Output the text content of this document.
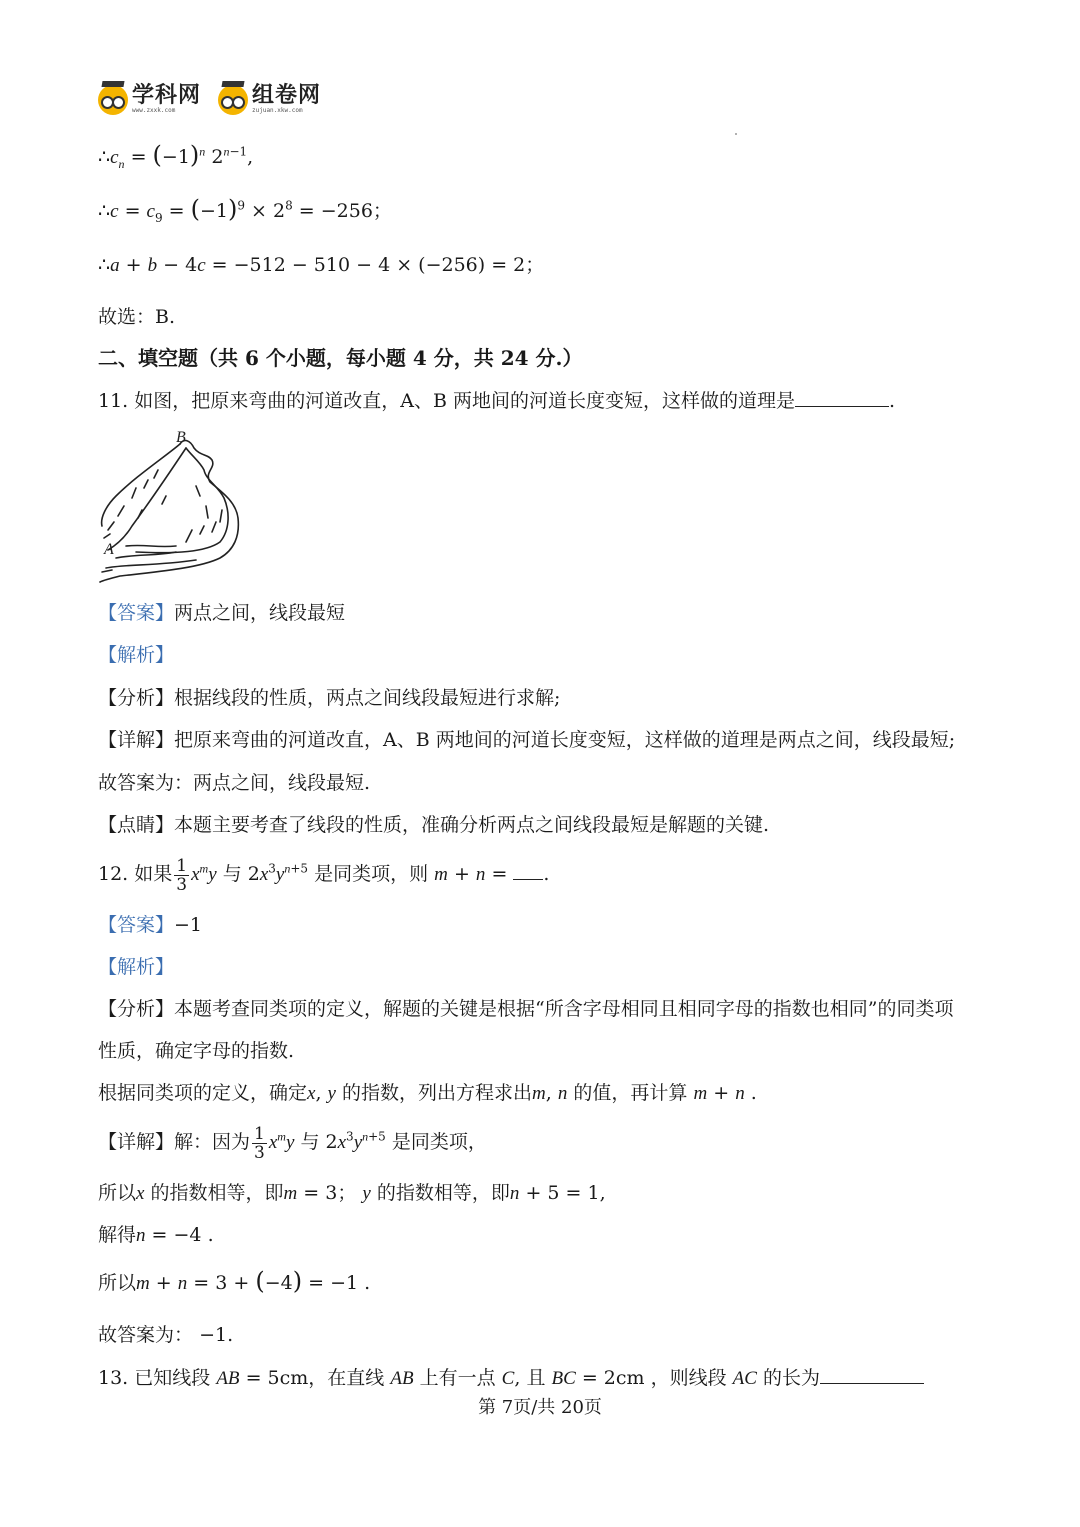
学科网
www.zxxk.com
组卷网
zujuan.xkw.com
$\therefore c_n = (-1)^n$ $2^{n-1}$,
∴c = $c_9 = (-1)^9 \times 2^8 = -256$；
∴a + b − 4c = −512 − 510 − 4 × (−256) = 2；
故选：B.
二、填空题（共 6 个小题，每小题 4 分，共 24 分.）
11. 如图，把原来弯曲的河道改直，A、B 两地间的河道长度变短，这样做的道理是	.
B
A
【答案】两点之间，线段最短
【解析】
【分析】根据线段的性质，两点之间线段最短进行求解;
【详解】把原来弯曲的河道改直，A、B 两地间的河道长度变短，这样做的道理是两点之间，线段最短;
故答案为：两点之间，线段最短.
【点睛】本题主要考查了线段的性质，准确分析两点之间线段最短是解题的关键.
12. 如果 $\frac{1}{3} x^my$ 与 $2x^3y^{n+5}$ 是同类项，则 m + n = .
【答案】−1
【解析】
【分析】本题考查同类项的定义，解题的关键是根据“所含字母相同且相同字母的指数也相同”的同类项
性质，确定字母的指数.
根据同类项的定义，确定x, y 的指数，列出方程求出m, n 的值，再计算 m + n .
【详解】解：因为 $\frac{1}{3} x^my$ 与 $2x^3y^{n+5}$ 是同类项，
所以x 的指数相等，即m = 3； y 的指数相等，即n + 5 = 1,
解得n = −4 .
所以m + n = 3 + (−4) = −1 .
故答案为： −1.
13. 已知线段 AB = 5cm，在直线 AB 上有一点 C, 且 BC = 2cm ，则线段 AC 的长为
第 7页/共 20页
